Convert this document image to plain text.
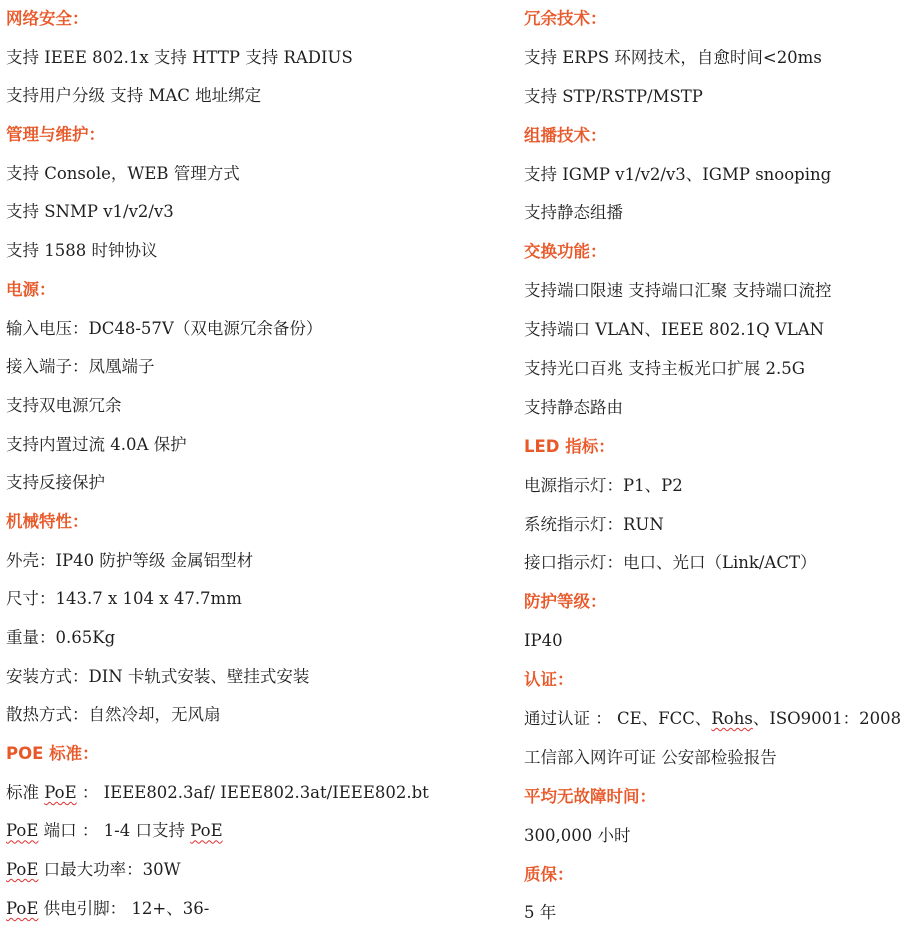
网络安全：
支持 IEEE 802.1x 支持 HTTP 支持 RADIUS
支持用户分级 支持 MAC 地址绑定
管理与维护：
支持 Console，WEB 管理方式
支持 SNMP v1/v2/v3
支持 1588 时钟协议
电源：
输入电压：DC48-57V（双电源冗余备份）
接入端子：凤凰端子
支持双电源冗余
支持内置过流 4.0A 保护
支持反接保护
机械特性：
外壳：IP40 防护等级 金属铝型材
尺寸：143.7 x 104 x 47.7mm
重量：0.65Kg
安装方式：DIN 卡轨式安装、壁挂式安装
散热方式：自然冷却，无风扇
POE 标准：
标准 PoE ： IEEE802.3af/ IEEE802.3at/IEEE802.bt
PoE 端口 ： 1-4 口支持 PoE
PoE 口最大功率：30W
PoE 供电引脚： 12+、36-
冗余技术：
支持 ERPS 环网技术，自愈时间<20ms
支持 STP/RSTP/MSTP
组播技术：
支持 IGMP v1/v2/v3、IGMP snooping
支持静态组播
交换功能：
支持端口限速 支持端口汇聚 支持端口流控
支持端口 VLAN、IEEE 802.1Q VLAN
支持光口百兆 支持主板光口扩展 2.5G
支持静态路由
LED 指标：
电源指示灯：P1、P2
系统指示灯：RUN
接口指示灯：电口、光口（Link/ACT）
防护等级：
IP40
认证：
通过认证 ： CE、FCC、Rohs、ISO9001：2008
工信部入网许可证 公安部检验报告
平均无故障时间：
300,000 小时
质保：
5 年
